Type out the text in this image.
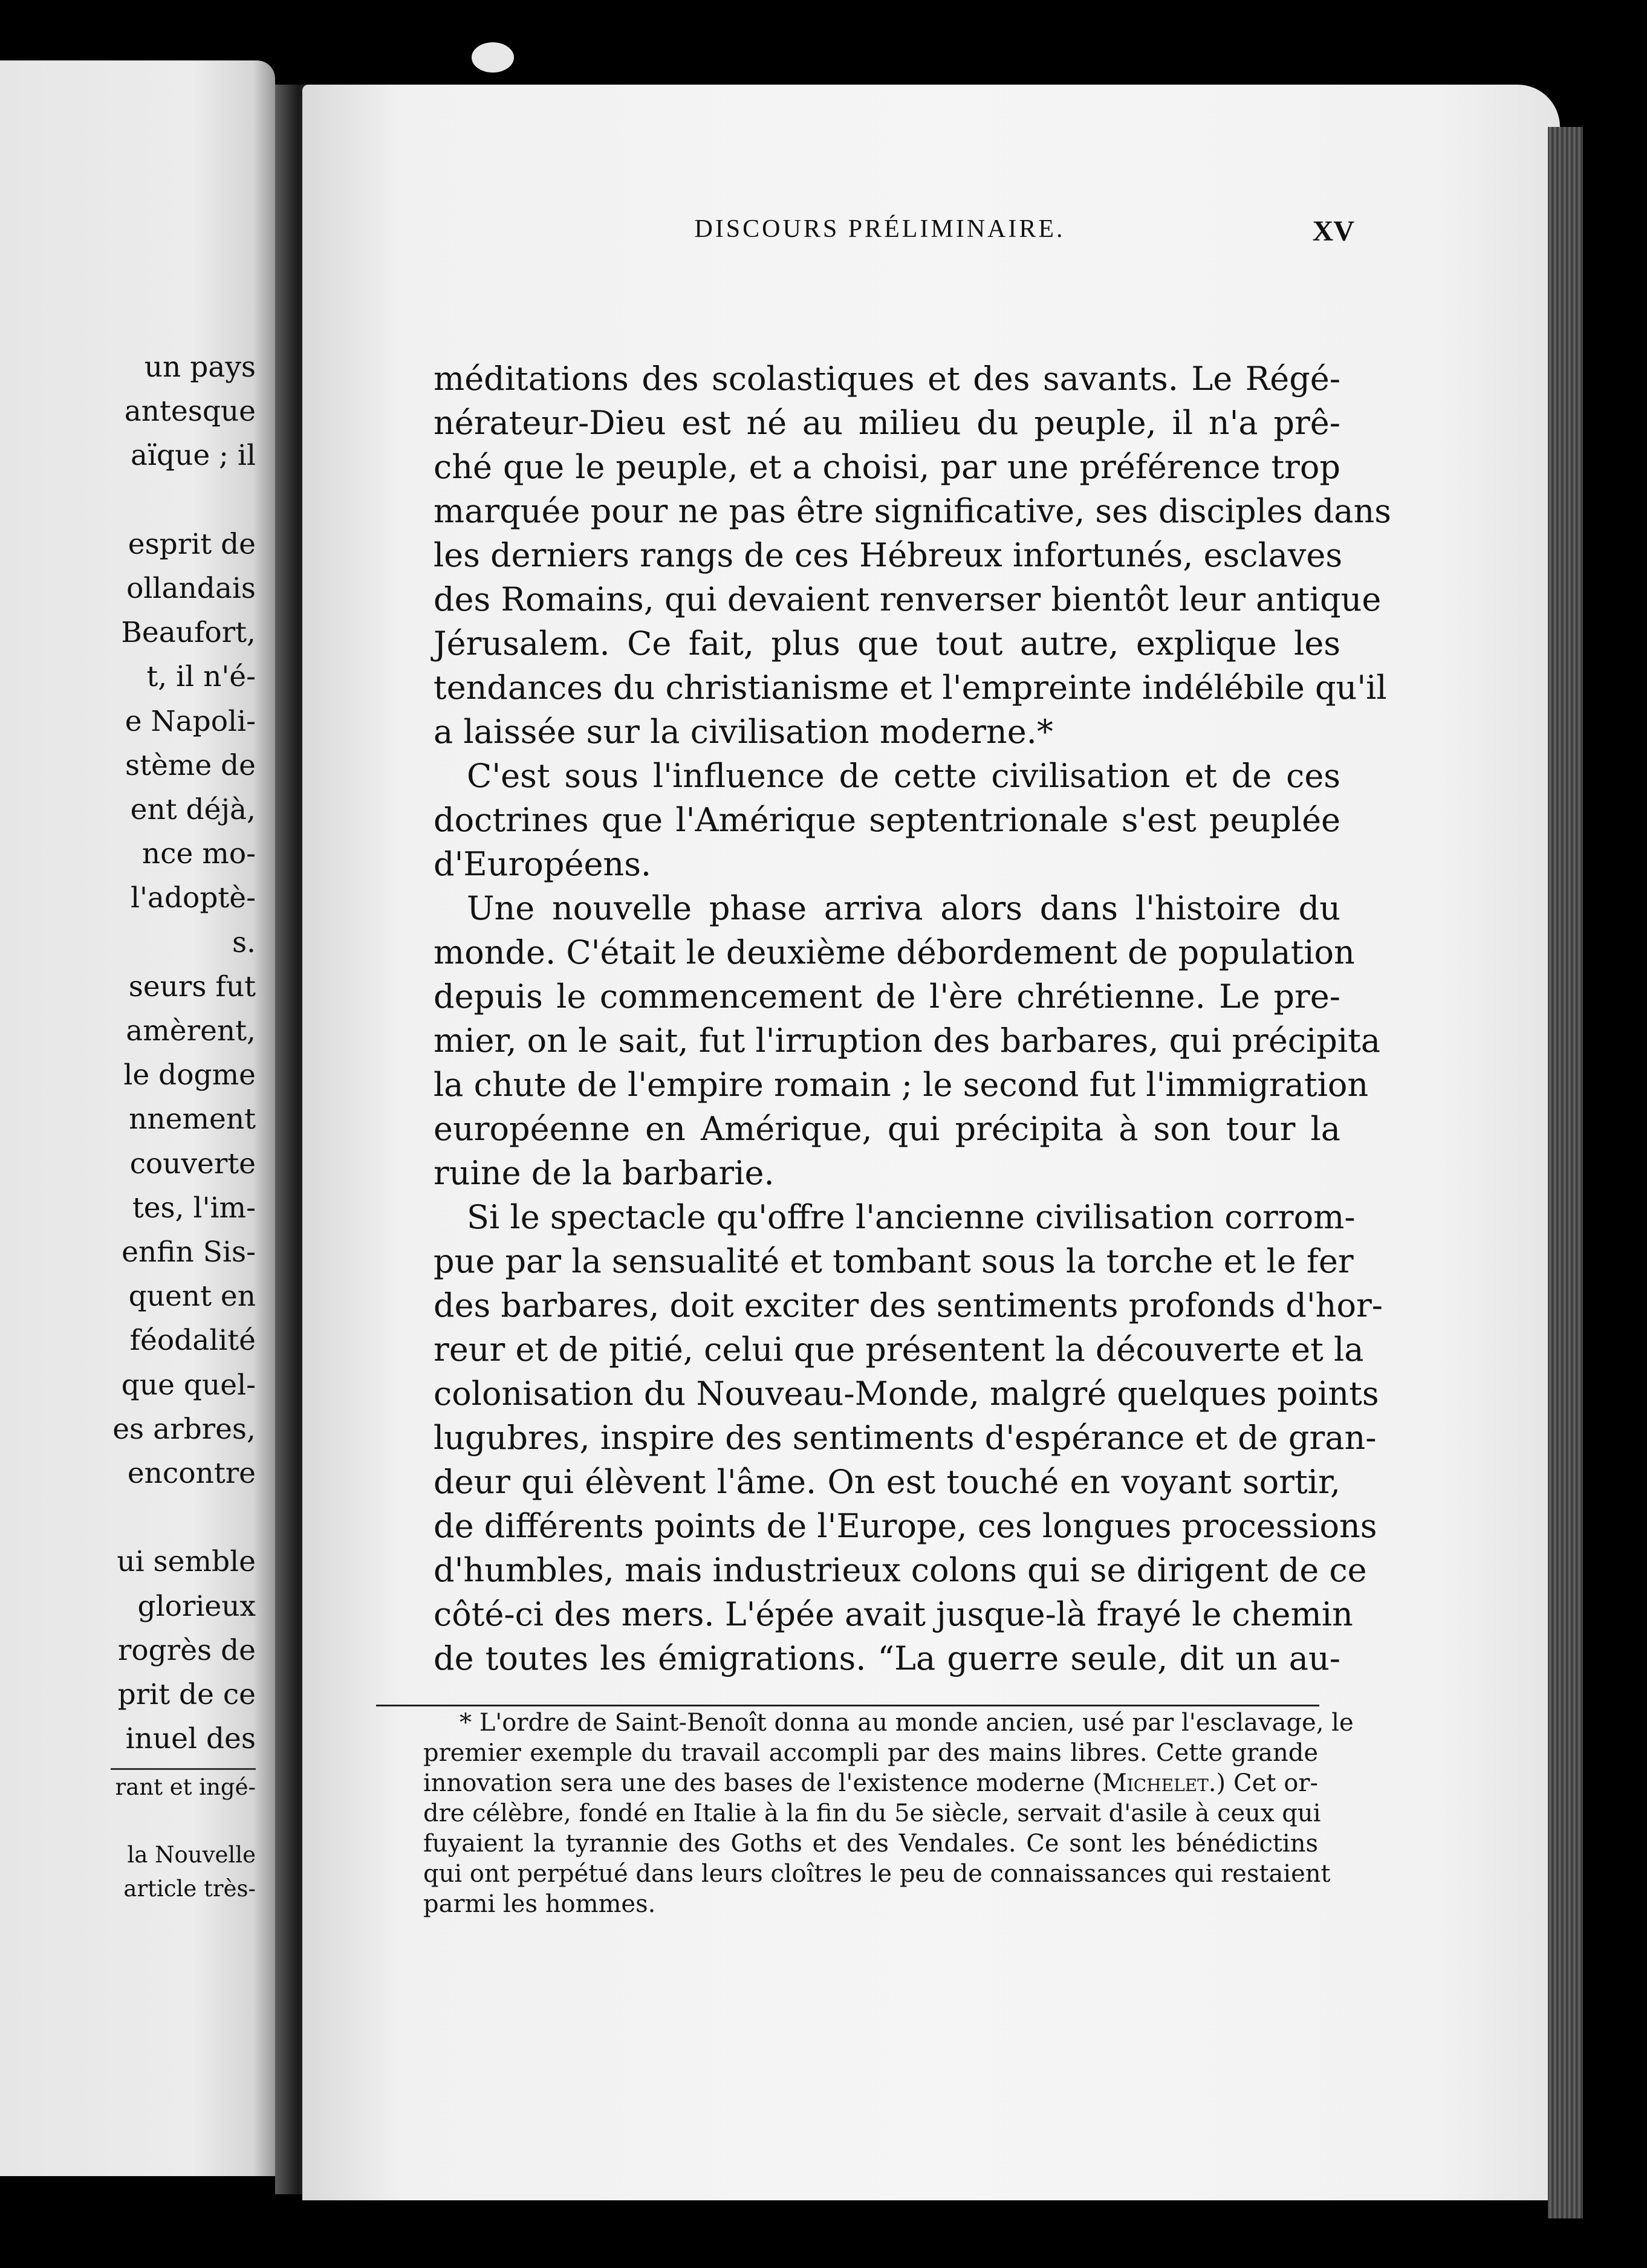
un pays
antesque
aïque ; il
esprit de
ollandais
Beaufort,
t, il n'é-
e Napoli-
stème de
ent déjà,
nce mo-
l'adoptè-
s.
seurs fut
amèrent,
le dogme
nnement
couverte
tes, l'im-
enfin Sis-
quent en
féodalité
que quel-
es arbres,
encontre
ui semble
glorieux
rogrès de
prit de ce
inuel des
rant et ingé-
la Nouvelle
article très-
DISCOURS PRÉLIMINAIRE.	XV
méditations des scolastiques et des savants. Le Régé-
nérateur-Dieu est né au milieu du peuple, il n'a prê-
ché que le peuple, et a choisi, par une préférence trop
marquée pour ne pas être significative, ses disciples dans
les derniers rangs de ces Hébreux infortunés, esclaves
des Romains, qui devaient renverser bientôt leur antique
Jérusalem. Ce fait, plus que tout autre, explique les
tendances du christianisme et l'empreinte indélébile qu'il
a laissée sur la civilisation moderne.*
C'est sous l'influence de cette civilisation et de ces
doctrines que l'Amérique septentrionale s'est peuplée
d'Européens.
Une nouvelle phase arriva alors dans l'histoire du
monde. C'était le deuxième débordement de population
depuis le commencement de l'ère chrétienne. Le pre-
mier, on le sait, fut l'irruption des barbares, qui précipita
la chute de l'empire romain ; le second fut l'immigration
européenne en Amérique, qui précipita à son tour la
ruine de la barbarie.
Si le spectacle qu'offre l'ancienne civilisation corrom-
pue par la sensualité et tombant sous la torche et le fer
des barbares, doit exciter des sentiments profonds d'hor-
reur et de pitié, celui que présentent la découverte et la
colonisation du Nouveau-Monde, malgré quelques points
lugubres, inspire des sentiments d'espérance et de gran-
deur qui élèvent l'âme. On est touché en voyant sortir,
de différents points de l'Europe, ces longues processions
d'humbles, mais industrieux colons qui se dirigent de ce
côté-ci des mers. L'épée avait jusque-là frayé le chemin
de toutes les émigrations. “La guerre seule, dit un au-
* L'ordre de Saint-Benoît donna au monde ancien, usé par l'esclavage, le
premier exemple du travail accompli par des mains libres. Cette grande
innovation sera une des bases de l'existence moderne (Michelet.) Cet or-
dre célèbre, fondé en Italie à la fin du 5e siècle, servait d'asile à ceux qui
fuyaient la tyrannie des Goths et des Vendales. Ce sont les bénédictins
qui ont perpétué dans leurs cloîtres le peu de connaissances qui restaient
parmi les hommes.
